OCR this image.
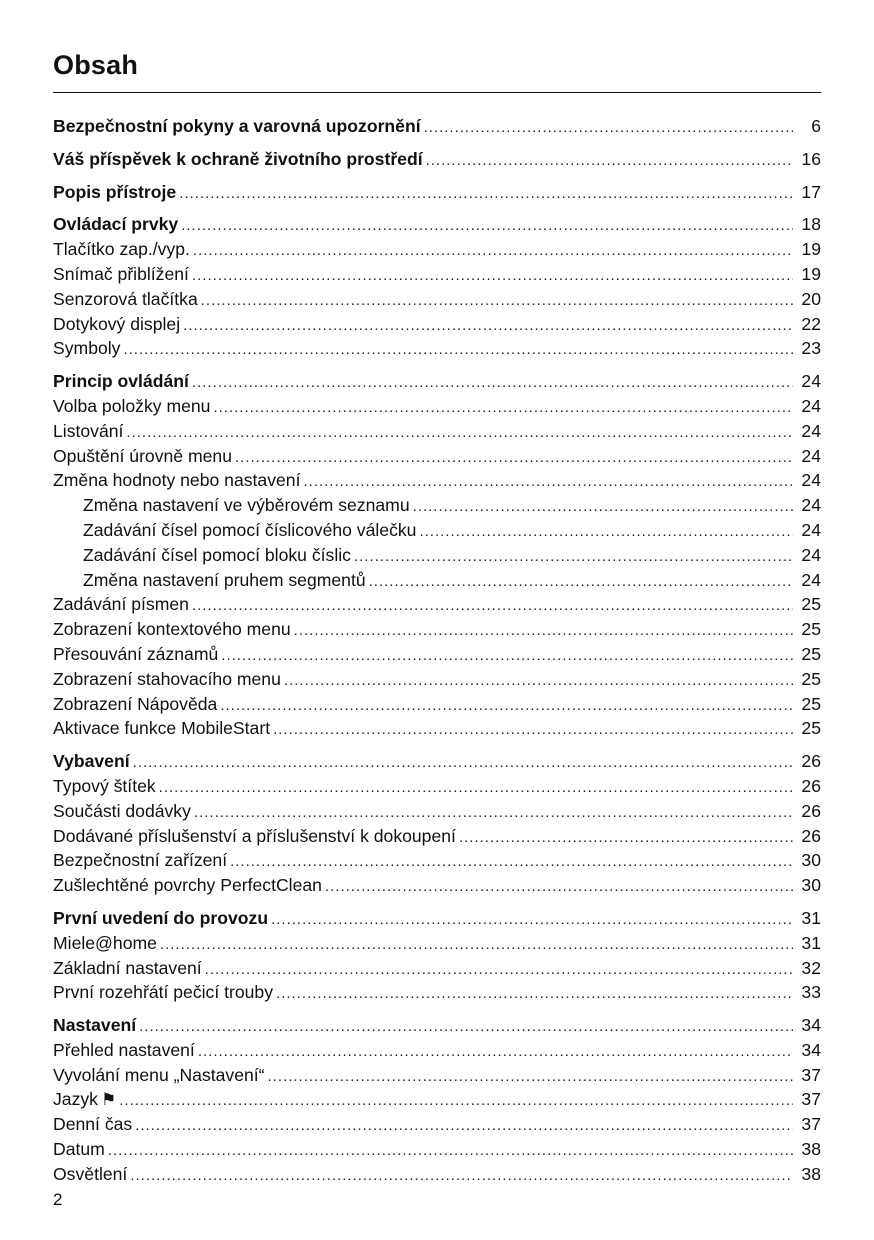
Obsah
Bezpečnostní pokyny a varovná upozornění .....	6
Váš příspěvek k ochraně životního prostředí .....	16
Popis přístroje .....	17
Ovládací prvky .....	18
Tlačítko zap./vyp. .....	19
Snímač přiblížení .....	19
Senzorová tlačítka .....	20
Dotykový displej .....	22
Symboly .....	23
Princip ovládání .....	24
Volba položky menu .....	24
Listování .....	24
Opuštění úrovně menu .....	24
Změna hodnoty nebo nastavení .....	24
Změna nastavení ve výběrovém seznamu .....	24
Zadávání čísel pomocí číslicového válečku .....	24
Zadávání čísel pomocí bloku číslic .....	24
Změna nastavení pruhem segmentů .....	24
Zadávání písmen .....	25
Zobrazení kontextového menu .....	25
Přesouvání záznamů .....	25
Zobrazení stahovacího menu .....	25
Zobrazení Nápověda .....	25
Aktivace funkce MobileStart .....	25
Vybavení .....	26
Typový štítek .....	26
Součásti dodávky .....	26
Dodávané příslušenství a příslušenství k dokoupení .....	26
Bezpečnostní zařízení .....	30
Zušlechtěné povrchy PerfectClean .....	30
První uvedení do provozu .....	31
Miele@home .....	31
Základní nastavení .....	32
První rozehřátí pečicí trouby .....	33
Nastavení .....	34
Přehled nastavení .....	34
Vyvolání menu „Nastavení“ .....	37
Jazyk ⚑ .....	37
Denní čas .....	37
Datum .....	38
Osvětlení .....	38
2
